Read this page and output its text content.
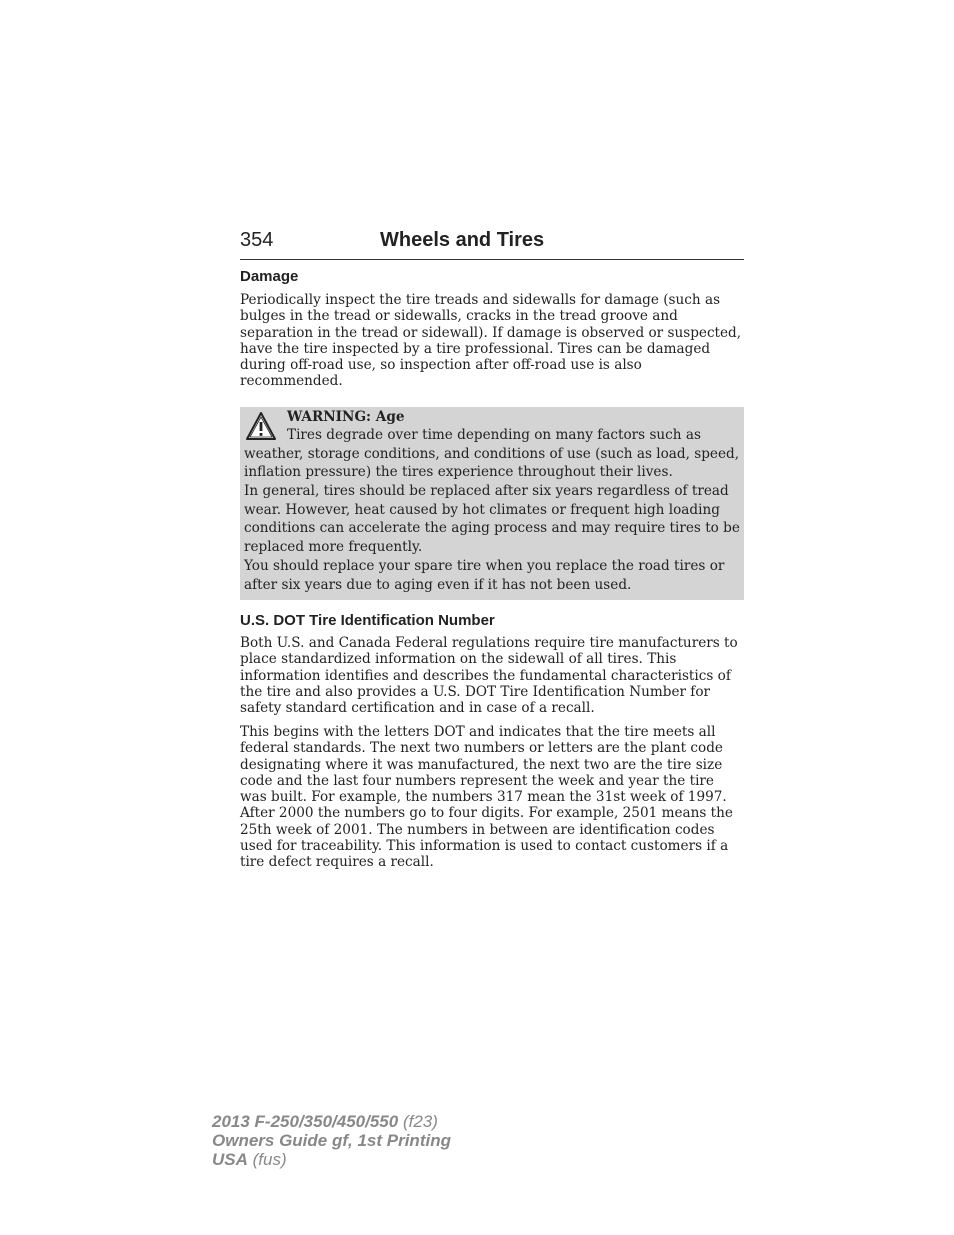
354	Wheels and Tires
Damage

Periodically inspect the tire treads and sidewalls for damage (such as bulges in the tread or sidewalls, cracks in the tread groove and separation in the tread or sidewall). If damage is observed or suspected, have the tire inspected by a tire professional. Tires can be damaged during off-road use, so inspection after off-road use is also recommended.

WARNING: Age

Tires degrade over time depending on many factors such as weather, storage conditions, and conditions of use (such as load, speed, inflation pressure) the tires experience throughout their lives.

In general, tires should be replaced after six years regardless of tread wear. However, heat caused by hot climates or frequent high loading conditions can accelerate the aging process and may require tires to be replaced more frequently.

You should replace your spare tire when you replace the road tires or after six years due to aging even if it has not been used.

U.S. DOT Tire Identification Number

Both U.S. and Canada Federal regulations require tire manufacturers to place standardized information on the sidewall of all tires. This information identifies and describes the fundamental characteristics of the tire and also provides a U.S. DOT Tire Identification Number for safety standard certification and in case of a recall.

This begins with the letters DOT and indicates that the tire meets all federal standards. The next two numbers or letters are the plant code designating where it was manufactured, the next two are the tire size code and the last four numbers represent the week and year the tire was built. For example, the numbers 317 mean the 31st week of 1997. After 2000 the numbers go to four digits. For example, 2501 means the 25th week of 2001. The numbers in between are identification codes used for traceability. This information is used to contact customers if a tire defect requires a recall.

2013 F-250/350/450/550 (f23)
Owners Guide gf, 1st Printing
USA (fus)
